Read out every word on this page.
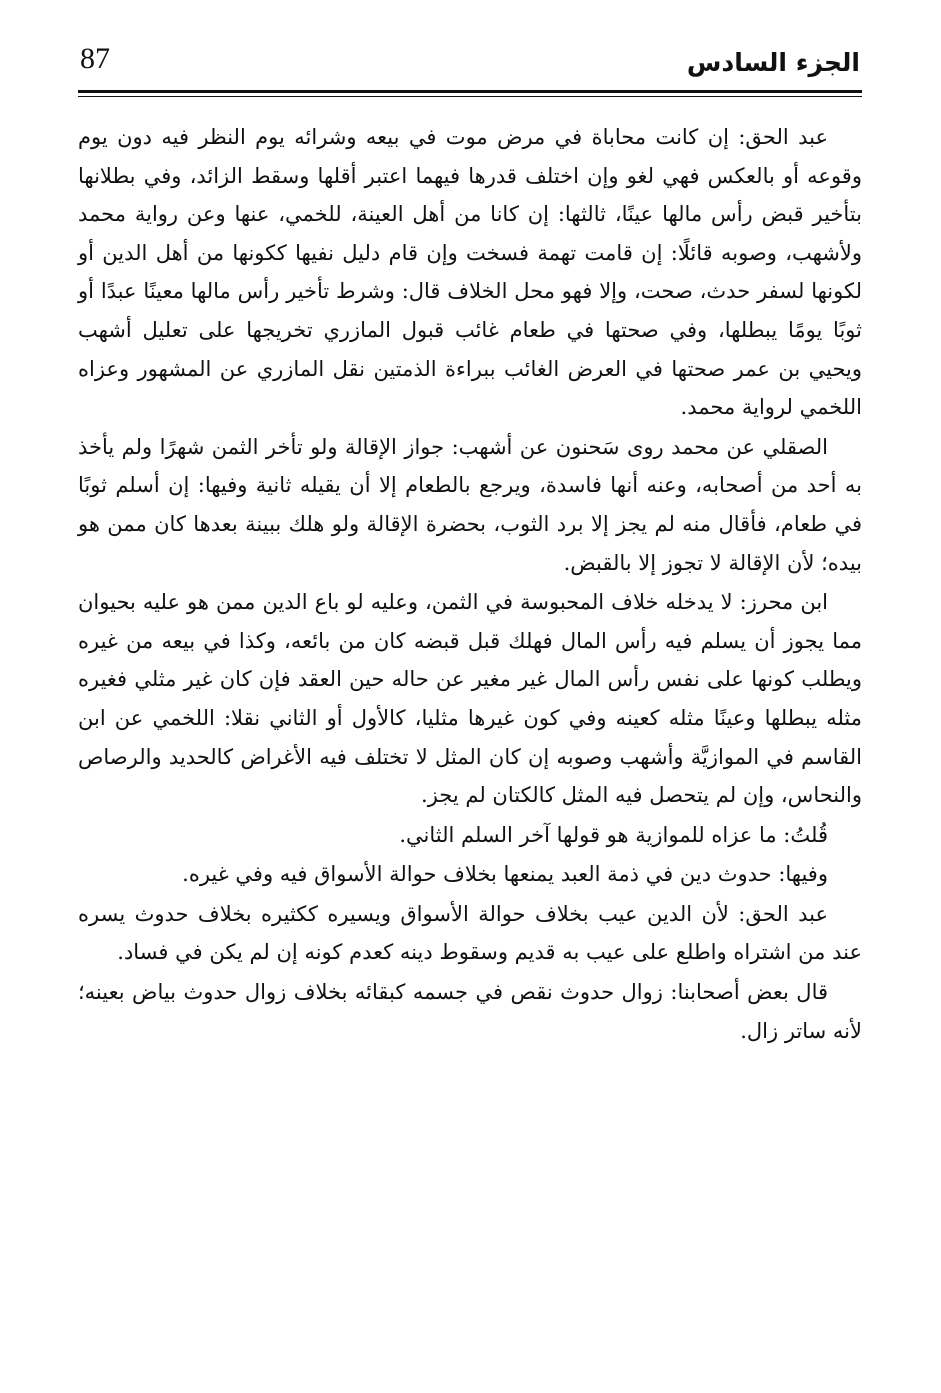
87	الجزء السادس

عبد الحق: إن كانت محاباة في مرض موت في بيعه وشرائه يوم النظر فيه دون يوم وقوعه أو بالعكس فهي لغو وإن اختلف قدرها فيهما اعتبر أقلها وسقط الزائد، وفي بطلانها بتأخير قبض رأس مالها عينًا، ثالثها: إن كانا من أهل العينة، للخمي، عنها وعن رواية محمد ولأشهب، وصوبه قائلًا: إن قامت تهمة فسخت وإن قام دليل نفيها ككونها من أهل الدين أو لكونها لسفر حدث، صحت، وإلا فهو محل الخلاف قال: وشرط تأخير رأس مالها معينًا عبدًا أو ثوبًا يومًا يبطلها، وفي صحتها في طعام غائب قبول المازري تخريجها على تعليل أشهب ويحيي بن عمر صحتها في العرض الغائب ببراءة الذمتين نقل المازري عن المشهور وعزاه اللخمي لرواية محمد.

الصقلي عن محمد روى سَحنون عن أشهب: جواز الإقالة ولو تأخر الثمن شهرًا ولم يأخذ به أحد من أصحابه، وعنه أنها فاسدة، ويرجع بالطعام إلا أن يقيله ثانية وفيها: إن أسلم ثوبًا في طعام، فأقال منه لم يجز إلا برد الثوب، بحضرة الإقالة ولو هلك ببينة بعدها كان ممن هو بيده؛ لأن الإقالة لا تجوز إلا بالقبض.

ابن محرز: لا يدخله خلاف المحبوسة في الثمن، وعليه لو باع الدين ممن هو عليه بحيوان مما يجوز أن يسلم فيه رأس المال فهلك قبل قبضه كان من بائعه، وكذا في بيعه من غيره ويطلب كونها على نفس رأس المال غير مغير عن حاله حين العقد فإن كان غير مثلي فغيره مثله يبطلها وعينًا مثله كعينه وفي كون غيرها مثليا، كالأول أو الثاني نقلا: اللخمي عن ابن القاسم في الموازيَّة وأشهب وصوبه إن كان المثل لا تختلف فيه الأغراض كالحديد والرصاص والنحاس، وإن لم يتحصل فيه المثل كالكتان لم يجز.

قُلتُ: ما عزاه للموازية هو قولها آخر السلم الثاني.

وفيها: حدوث دين في ذمة العبد يمنعها بخلاف حوالة الأسواق فيه وفي غيره.

عبد الحق: لأن الدين عيب بخلاف حوالة الأسواق ويسيره ككثيره بخلاف حدوث يسره عند من اشتراه واطلع على عيب به قديم وسقوط دينه كعدم كونه إن لم يكن في فساد.

قال بعض أصحابنا: زوال حدوث نقص في جسمه كبقائه بخلاف زوال حدوث بياض بعينه؛ لأنه ساتر زال.
